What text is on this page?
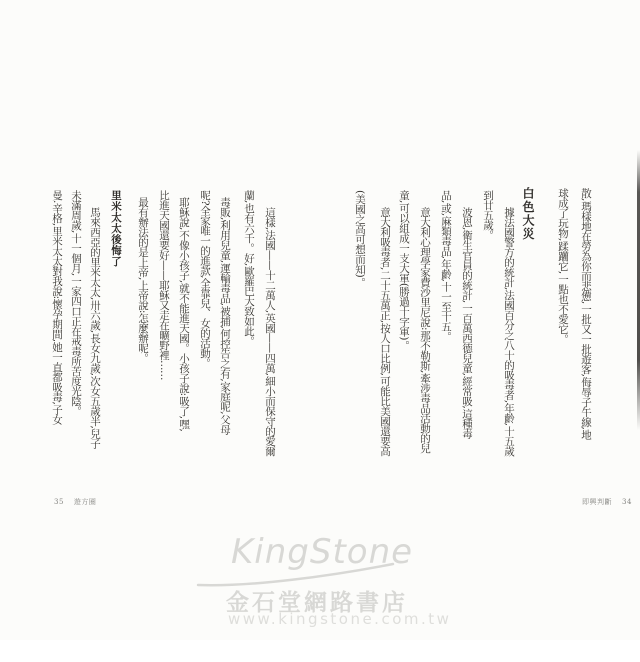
散,瑪樣地在勞為你而悲憊,一批又一批遊客,侮辱子午線,地
球成了玩物,蹂躪它,一點也不愛它。
白色大災
據法國警方的統計,法國百分之八十的吸毒者,年齡,十五歲
到廿五歲。
波恩,衛生官員的統計,一百萬西德兒童,經常吸,這種毒
品,或,麻類毒品,年齡,十一至十五。
意大利心理學家費沙里尼說:那不勒斯,牽涉毒品活動的兒
童,可以組成一支大軍(勝過十字軍)。
意大利吸毒者,二十五萬正,按人口比例,可能比美國還要高
(美國之高可想而知)。
這樣,法國——十二萬人,英國——四萬,細小而保守的愛爾
蘭,也有六千。好,歐羅巴大致如此。
毒販,利用兒童,運輸毒品,被捕,何控告之有,家庭呢,父母
呢?全家唯一的進款,全靠兒、女的活動。
耶穌說,不像小孩子,就不能進天國。小孩子說:吸了,嘿,
比進天國還要好——耶穌又走在曠野裡……
最有辦法的是上帝,上帝說:怎麼辦呢。
里米太太後悔了
馬來西亞的里米太太,卅六歲,長女九歲,次女五歲半,兒子
未滿周歲,十一個月,一家四口正在戒毒所苦度光陰。
曼.辛格,里米太太對我說:懷孕期間,她一直都吸毒,子女
35 遊方圈	即興判斷 34
KingStone
金石堂網路書店
www.kingstone.com.tw
